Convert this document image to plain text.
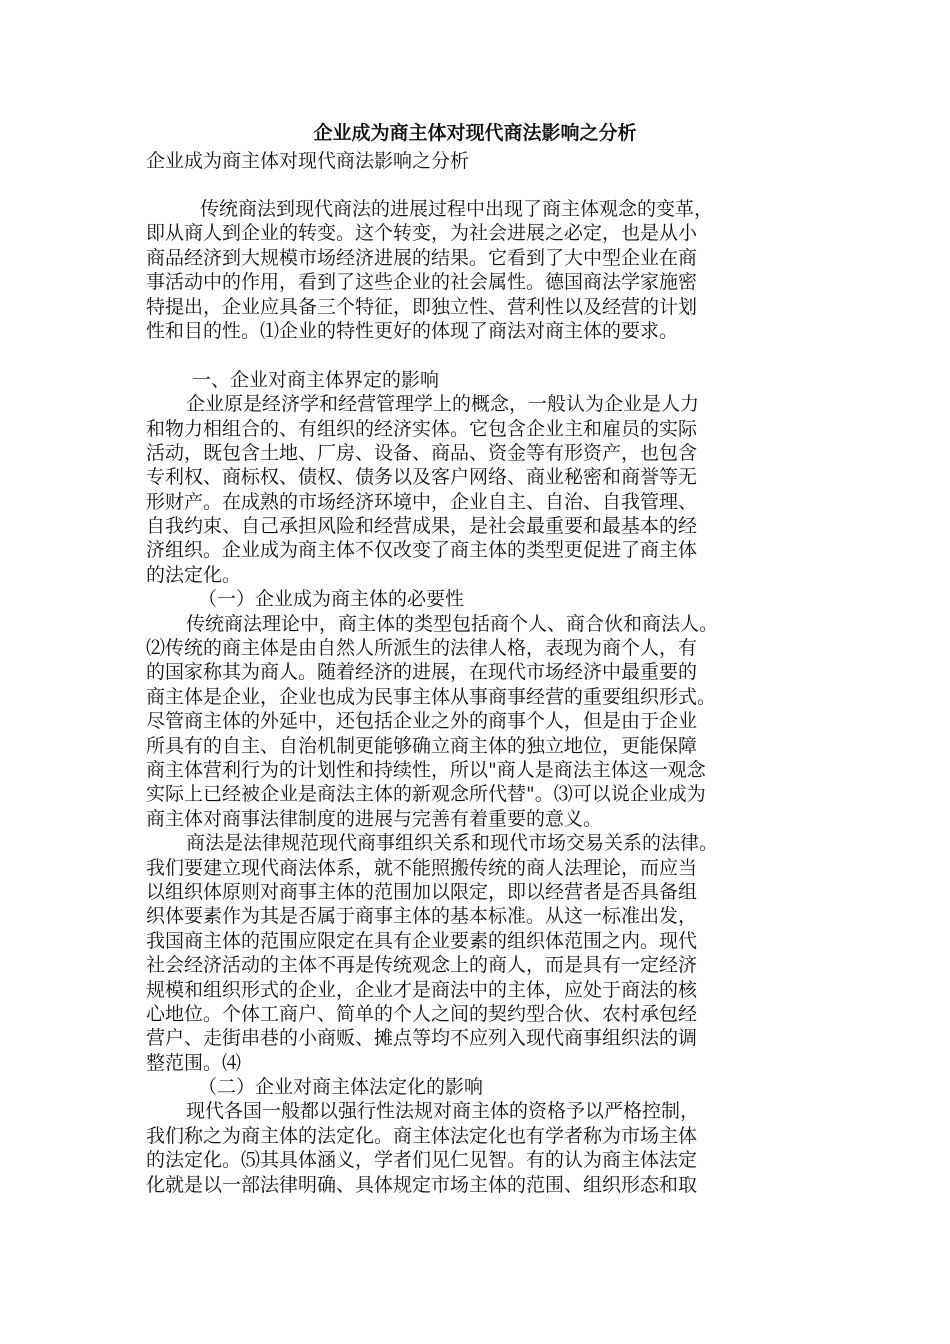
企业成为商主体对现代商法影响之分析
企业成为商主体对现代商法影响之分析
传统商法到现代商法的进展过程中出现了商主体观念的变革，
即从商人到企业的转变。这个转变，为社会进展之必定，也是从小
商品经济到大规模市场经济进展的结果。它看到了大中型企业在商
事活动中的作用，看到了这些企业的社会属性。德国商法学家施密
特提出，企业应具备三个特征，即独立性、营利性以及经营的计划
性和目的性。⑴企业的特性更好的体现了商法对商主体的要求。
一、企业对商主体界定的影响
企业原是经济学和经营管理学上的概念，一般认为企业是人力
和物力相组合的、有组织的经济实体。它包含企业主和雇员的实际
活动，既包含土地、厂房、设备、商品、资金等有形资产，也包含
专利权、商标权、债权、债务以及客户网络、商业秘密和商誉等无
形财产。在成熟的市场经济环境中，企业自主、自治、自我管理、
自我约束、自己承担风险和经营成果，是社会最重要和最基本的经
济组织。企业成为商主体不仅改变了商主体的类型更促进了商主体
的法定化。
（一）企业成为商主体的必要性
传统商法理论中，商主体的类型包括商个人、商合伙和商法人。
⑵传统的商主体是由自然人所派生的法律人格，表现为商个人，有
的国家称其为商人。随着经济的进展，在现代市场经济中最重要的
商主体是企业，企业也成为民事主体从事商事经营的重要组织形式。
尽管商主体的外延中，还包括企业之外的商事个人，但是由于企业
所具有的自主、自治机制更能够确立商主体的独立地位，更能保障
商主体营利行为的计划性和持续性，所以"商人是商法主体这一观念
实际上已经被企业是商法主体的新观念所代替"。⑶可以说企业成为
商主体对商事法律制度的进展与完善有着重要的意义。
商法是法律规范现代商事组织关系和现代市场交易关系的法律。
我们要建立现代商法体系，就不能照搬传统的商人法理论，而应当
以组织体原则对商事主体的范围加以限定，即以经营者是否具备组
织体要素作为其是否属于商事主体的基本标准。从这一标准出发，
我国商主体的范围应限定在具有企业要素的组织体范围之内。现代
社会经济活动的主体不再是传统观念上的商人，而是具有一定经济
规模和组织形式的企业，企业才是商法中的主体，应处于商法的核
心地位。个体工商户、简单的个人之间的契约型合伙、农村承包经
营户、走街串巷的小商贩、摊点等均不应列入现代商事组织法的调
整范围。⑷
（二）企业对商主体法定化的影响
现代各国一般都以强行性法规对商主体的资格予以严格控制，
我们称之为商主体的法定化。商主体法定化也有学者称为市场主体
的法定化。⑸其具体涵义，学者们见仁见智。有的认为商主体法定
化就是以一部法律明确、具体规定市场主体的范围、组织形态和取
